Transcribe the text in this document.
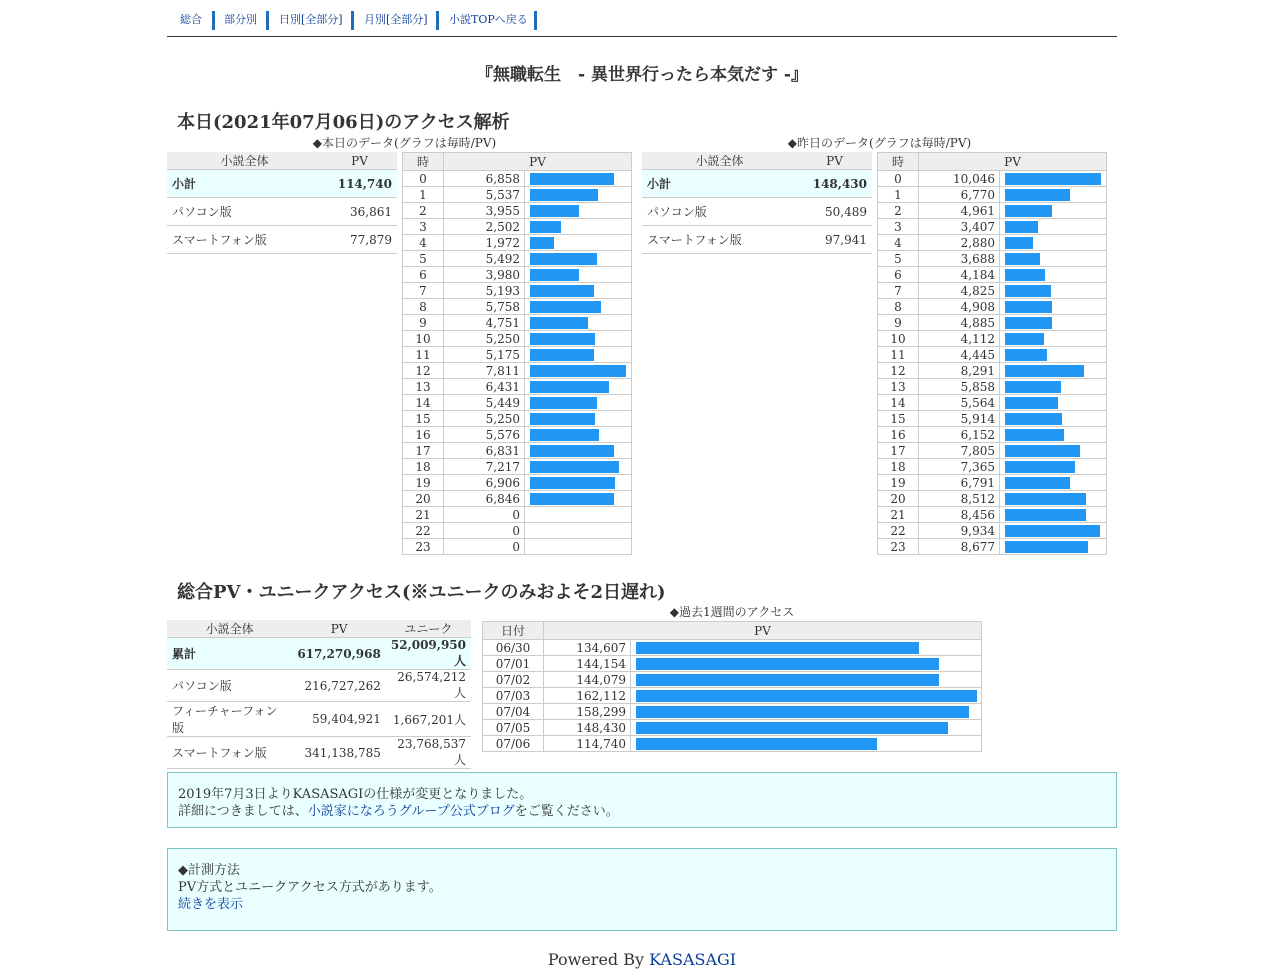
総合 部分別 日別[全部分] 月別[全部分] 小説TOPへ戻る
『無職転生　- 異世界行ったら本気だす -』
本日(2021年07月06日)のアクセス解析
◆本日のデータ(グラフは毎時/PV)
小説全体	PV
小計	114,740
パソコン版	36,861
スマートフォン版	77,879
時	PV	
0	6,858	

1	5,537	

2	3,955	

3	2,502	

4	1,972	

5	5,492	

6	3,980	

7	5,193	

8	5,758	

9	4,751	

10	5,250	

11	5,175	

12	7,811	

13	6,431	

14	5,449	

15	5,250	

16	5,576	

17	6,831	

18	7,217	

19	6,906	

20	6,846	

21	0	
22	0	
23	0	
◆昨日のデータ(グラフは毎時/PV)
小説全体	PV
小計	148,430
パソコン版	50,489
スマートフォン版	97,941
時	PV	
0	10,046	

1	6,770	

2	4,961	

3	3,407	

4	2,880	

5	3,688	

6	4,184	

7	4,825	

8	4,908	

9	4,885	

10	4,112	

11	4,445	

12	8,291	

13	5,858	

14	5,564	

15	5,914	

16	6,152	

17	7,805	

18	7,365	

19	6,791	

20	8,512	

21	8,456	

22	9,934	

23	8,677	
総合PV・ユニークアクセス(※ユニークのみおよそ2日遅れ)
小説全体	PV	ユニーク
累計	617,270,968	52,009,950人
パソコン版	216,727,262	26,574,212人
フィーチャーフォン版	59,404,921	1,667,201人
スマートフォン版	341,138,785	23,768,537人
◆過去1週間のアクセス
日付	PV	
06/30	134,607	

07/01	144,154	

07/02	144,079	

07/03	162,112	

07/04	158,299	

07/05	148,430	

07/06	114,740	
2019年7月3日よりKASASAGIの仕様が変更となりました。
詳細につきましては、小説家になろうグループ公式ブログをご覧ください。
◆計測方法
PV方式とユニークアクセス方式があります。
続きを表示
Powered By KASASAGI
